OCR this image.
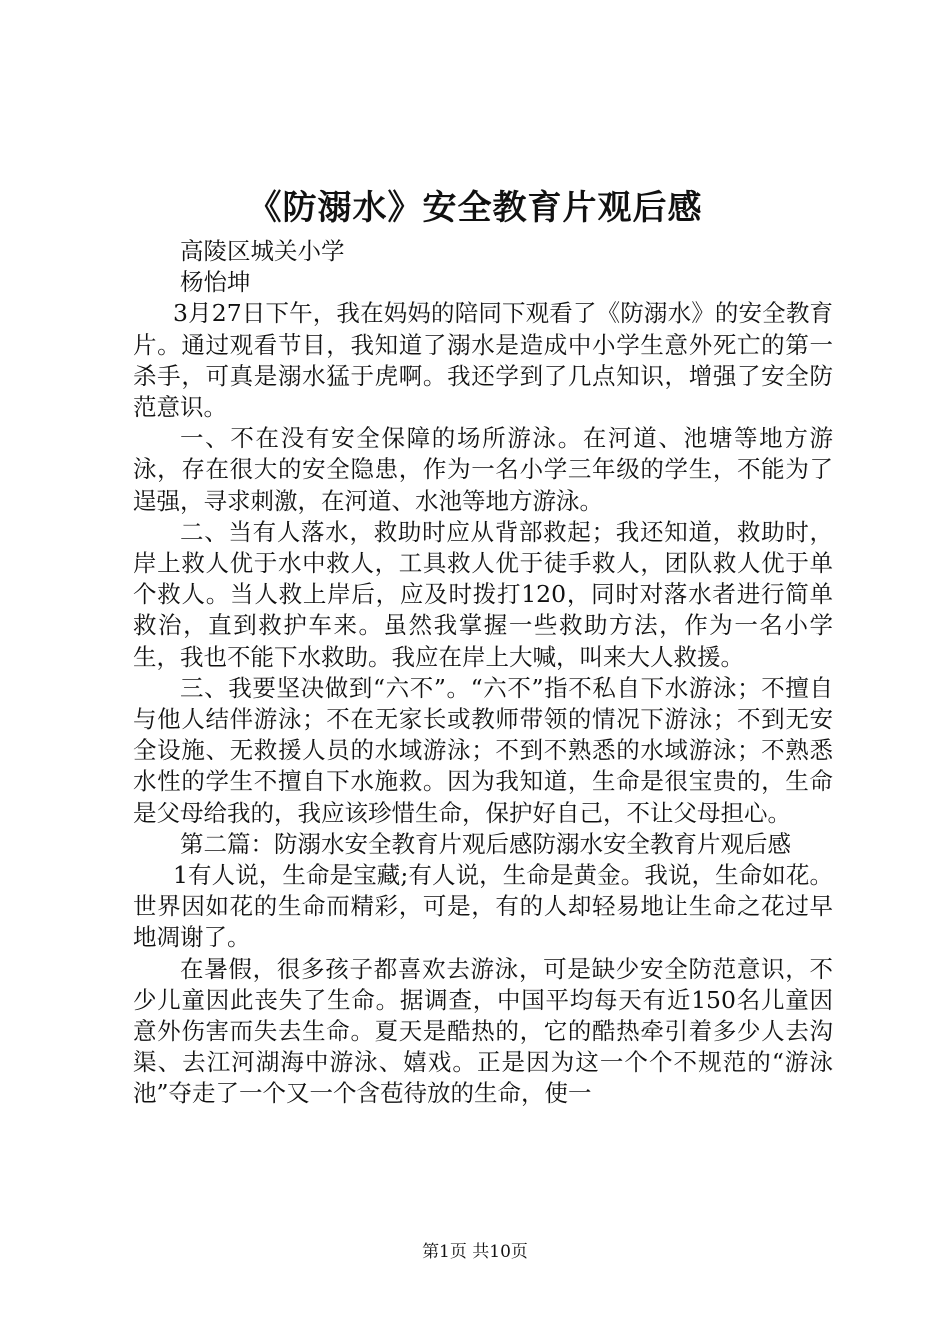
《防溺水》安全教育片观后感

高陵区城关小学

杨怡坤

3月27日下午，我在妈妈的陪同下观看了《防溺水》的安全教育片。通过观看节目，我知道了溺水是造成中小学生意外死亡的第一杀手，可真是溺水猛于虎啊。我还学到了几点知识，增强了安全防范意识。

一、不在没有安全保障的场所游泳。在河道、池塘等地方游泳，存在很大的安全隐患，作为一名小学三年级的学生，不能为了逞强，寻求刺激，在河道、水池等地方游泳。

二、当有人落水，救助时应从背部救起；我还知道，救助时，岸上救人优于水中救人，工具救人优于徒手救人，团队救人优于单个救人。当人救上岸后，应及时拨打120，同时对落水者进行简单救治，直到救护车来。虽然我掌握一些救助方法，作为一名小学生，我也不能下水救助。我应在岸上大喊，叫来大人救援。

三、我要坚决做到“六不”。“六不”指不私自下水游泳；不擅自与他人结伴游泳；不在无家长或教师带领的情况下游泳；不到无安全设施、无救援人员的水域游泳；不到不熟悉的水域游泳；不熟悉水性的学生不擅自下水施救。因为我知道，生命是很宝贵的，生命是父母给我的，我应该珍惜生命，保护好自己，不让父母担心。

第二篇：防溺水安全教育片观后感防溺水安全教育片观后感

1有人说，生命是宝藏;有人说，生命是黄金。我说，生命如花。世界因如花的生命而精彩，可是，有的人却轻易地让生命之花过早地凋谢了。

在暑假，很多孩子都喜欢去游泳，可是缺少安全防范意识，不少儿童因此丧失了生命。据调查，中国平均每天有近150名儿童因意外伤害而失去生命。夏天是酷热的，它的酷热牵引着多少人去沟渠、去江河湖海中游泳、嬉戏。正是因为这一个个不规范的“游泳池”夺走了一个又一个含苞待放的生命，使一

第1页 共10页
